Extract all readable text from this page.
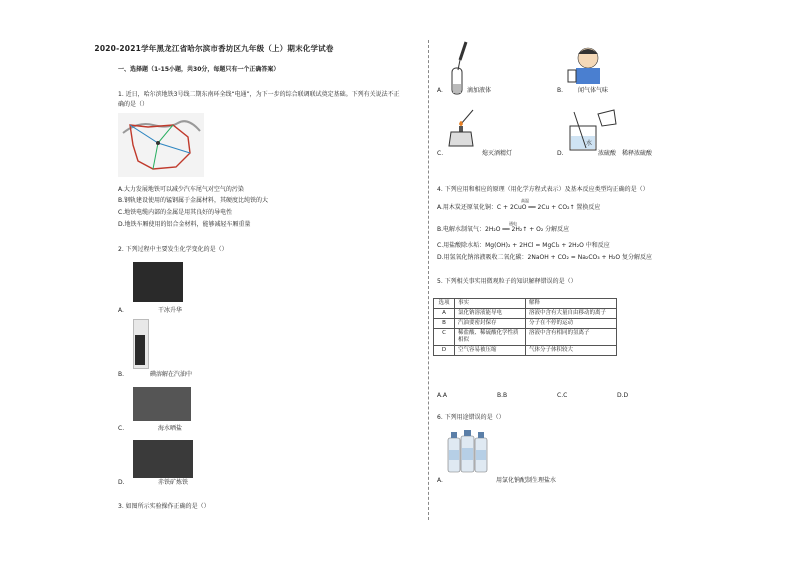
2020-2021学年黑龙江省哈尔滨市香坊区九年级（上）期末化学试卷
一、选择题（1-15小题，共30分，每题只有一个正确答案）
1. 近日，哈尔滨地铁3号线二期东南环全线“电通”，为下一步的综合联调联试奠定基础。下列有关说法不正
确的是（）
A.大力发展地铁可以减少汽车尾气对空气的污染
B.钢轨建设使用的锰钢属于金属材料，其硬度比纯铁的大
C.地铁电缆内部的金属是用其良好的导电性
D.地铁车厢使用的铝合金材料，能够减轻车厢重量
2. 下列过程中主要发生化学变化的是（）
A.	干冰升华
B.	碘溶解在汽油中
海水晒盐
C.
D.	赤铁矿炼铁
3. 如图所示实验操作正确的是（）
A.	滴加液体	B. 闻气体气味
C.	熄灭酒精灯
水
D.	浓硫酸 稀释浓硫酸
4. 下列应用和相应的原理（用化学方程式表示）及基本反应类型均正确的是（）
高温
A.用木炭还原氧化铜：C + 2CuO ══ 2Cu + CO₂↑ 置换反应
通电
B.电解水制氧气：2H₂O ══ 2H₂↑ + O₂ 分解反应
C.用盐酸除水垢：Mg(OH)₂ + 2HCl = MgCl₂ + 2H₂O 中和反应
D.用氢氧化钠溶液吸收二氧化碳：2NaOH + CO₂ = Na₂CO₃ + H₂O 复分解反应
5. 下列相关事实用微观粒子的知识解释错误的是（）
选项	事实	解释
A	氯化钠溶液能导电	溶液中含有大量自由移动的离子
B	汽油要密封保存	分子在不停的运动
C	稀盐酸、稀硫酸化学性质相似	溶液中含有相同的氢离子
D	空气容易被压缩	气体分子体积较大
A.A	B.B	C.C	D.D
6. 下列用途错误的是（）
A.	用氯化钠配制生理盐水
